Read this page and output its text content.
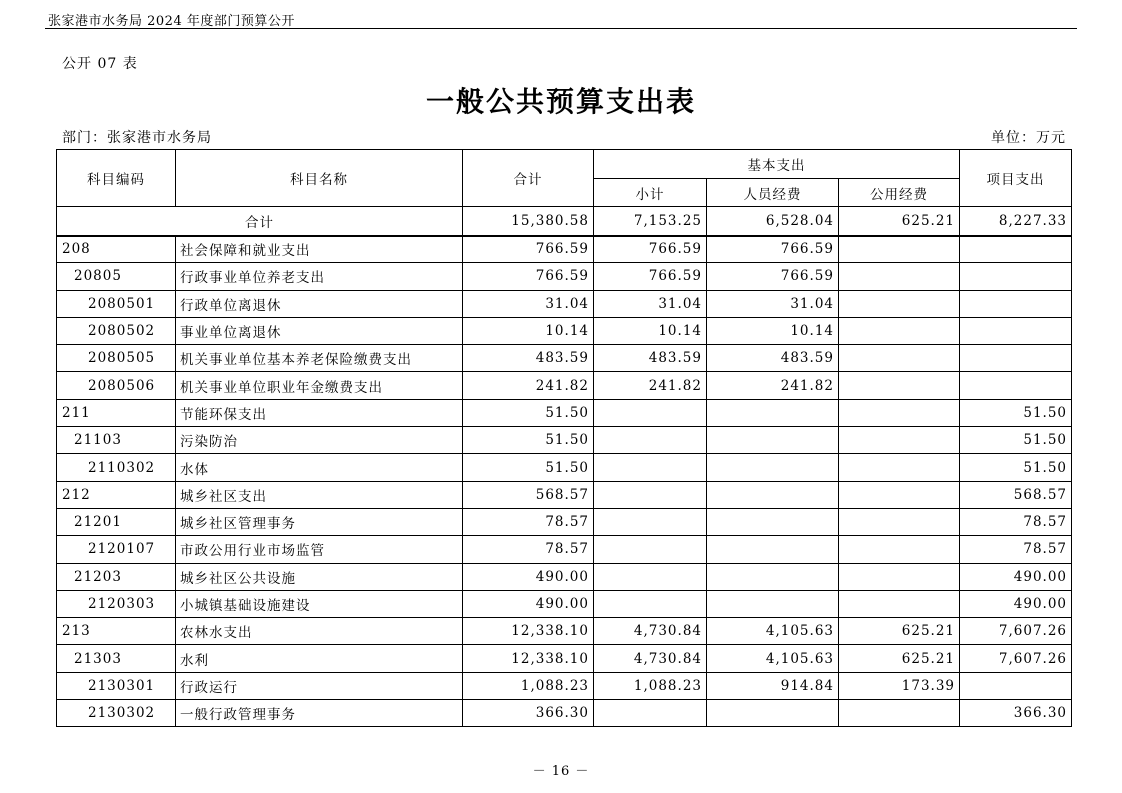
张家港市水务局 2024 年度部门预算公开
公开 07 表
一般公共预算支出表
部门：张家港市水务局	单位：万元
科目编码	科目名称	合计	基本支出			项目支出
			小计	人员经费	公用经费	
合计		15,380.58	7,153.25	6,528.04	625.21	8,227.33
208	社会保障和就业支出	766.59	766.59	766.59		
20805	行政事业单位养老支出	766.59	766.59	766.59		
2080501	行政单位离退休	31.04	31.04	31.04		
2080502	事业单位离退休	10.14	10.14	10.14		
2080505	机关事业单位基本养老保险缴费支出	483.59	483.59	483.59		
2080506	机关事业单位职业年金缴费支出	241.82	241.82	241.82		
211	节能环保支出	51.50				51.50
21103	污染防治	51.50				51.50
2110302	水体	51.50				51.50
212	城乡社区支出	568.57				568.57
21201	城乡社区管理事务	78.57				78.57
2120107	市政公用行业市场监管	78.57				78.57
21203	城乡社区公共设施	490.00				490.00
2120303	小城镇基础设施建设	490.00				490.00
213	农林水支出	12,338.10	4,730.84	4,105.63	625.21	7,607.26
21303	水利	12,338.10	4,730.84	4,105.63	625.21	7,607.26
2130301	行政运行	1,088.23	1,088.23	914.84	173.39	
2130302	一般行政管理事务	366.30				366.30
－ 16 －
